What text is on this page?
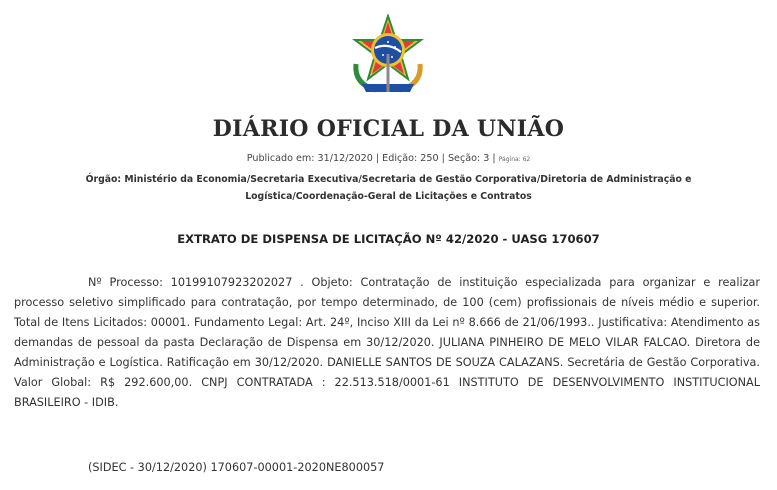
DIÁRIO OFICIAL DA UNIÃO
Publicado em: 31/12/2020 | Edição: 250 | Seção: 3 | Página: 62
Órgão: Ministério da Economia/Secretaria Executiva/Secretaria de Gestão Corporativa/Diretoria de Administração e
Logística/Coordenação-Geral de Licitações e Contratos
EXTRATO DE DISPENSA DE LICITAÇÃO Nº 42/2020 - UASG 170607

Nº Processo: 10199107923202027 . Objeto: Contratação de instituição especializada para organizar e realizar processo seletivo simplificado para contratação, por tempo determinado, de 100 (cem) profissionais de níveis médio e superior. Total de Itens Licitados: 00001. Fundamento Legal: Art. 24º, Inciso XIII da Lei nº 8.666 de 21/06/1993.. Justificativa: Atendimento as demandas de pessoal da pasta Declaração de Dispensa em 30/12/2020. JULIANA PINHEIRO DE MELO VILAR FALCAO. Diretora de Administração e Logística. Ratificação em 30/12/2020. DANIELLE SANTOS DE SOUZA CALAZANS. Secretária de Gestão Corporativa. Valor Global: R$ 292.600,00. CNPJ CONTRATADA : 22.513.518/0001-61 INSTITUTO DE DESENVOLVIMENTO INSTITUCIONAL BRASILEIRO - IDIB.

(SIDEC - 30/12/2020) 170607-00001-2020NE800057
